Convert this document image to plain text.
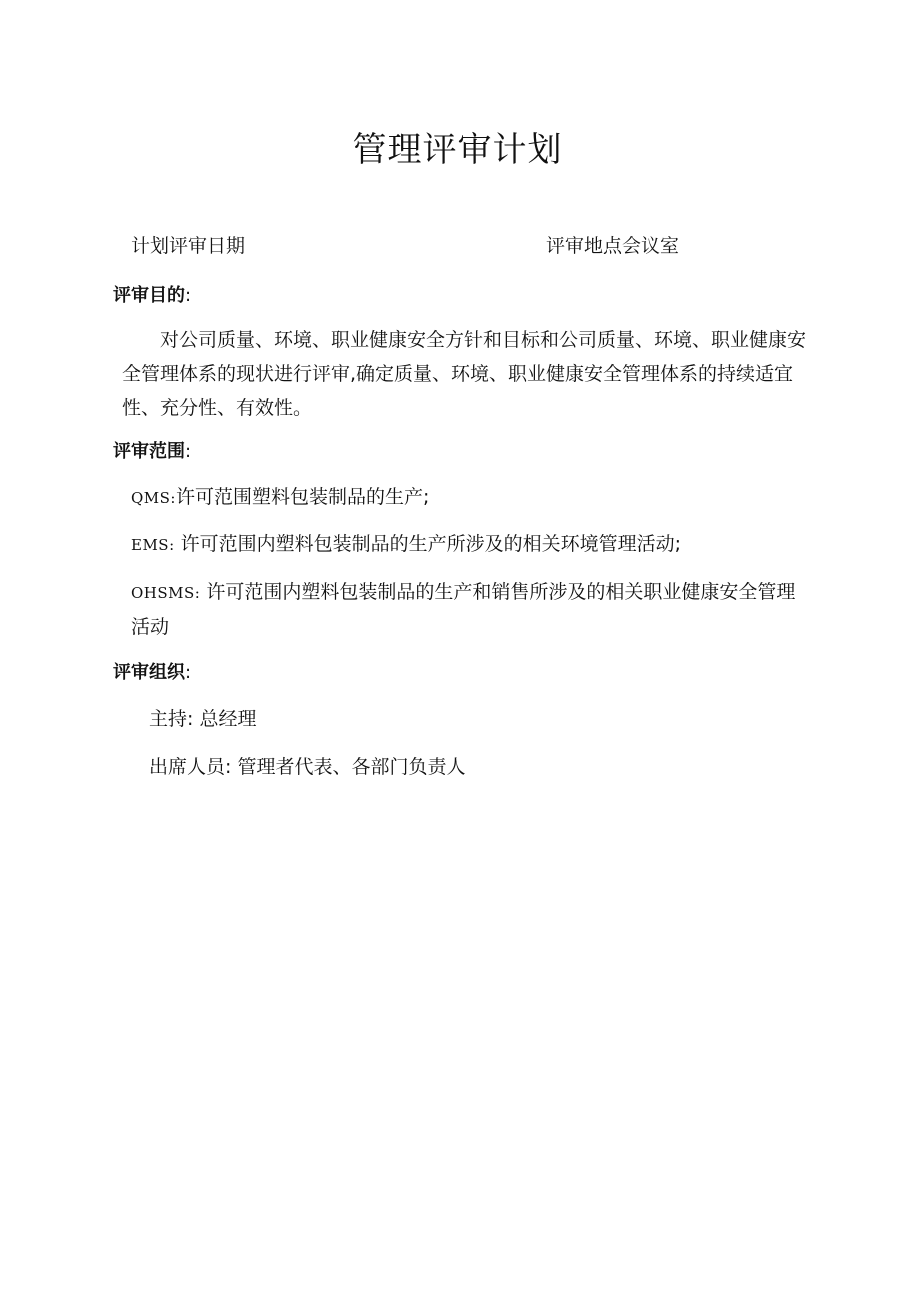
管理评审计划
计划评审日期	评审地点会议室
评审目的:

对公司质量、环境、职业健康安全方针和目标和公司质量、环境、职业健康安全管理体系的现状进行评审,确定质量、环境、职业健康安全管理体系的持续适宜性、充分性、有效性。

评审范围:

QMS:许可范围塑料包装制品的生产;

EMS: 许可范围内塑料包装制品的生产所涉及的相关环境管理活动;

OHSMS: 许可范围内塑料包装制品的生产和销售所涉及的相关职业健康安全管理活动

评审组织:
主持: 总经理
出席人员: 管理者代表、各部门负责人
